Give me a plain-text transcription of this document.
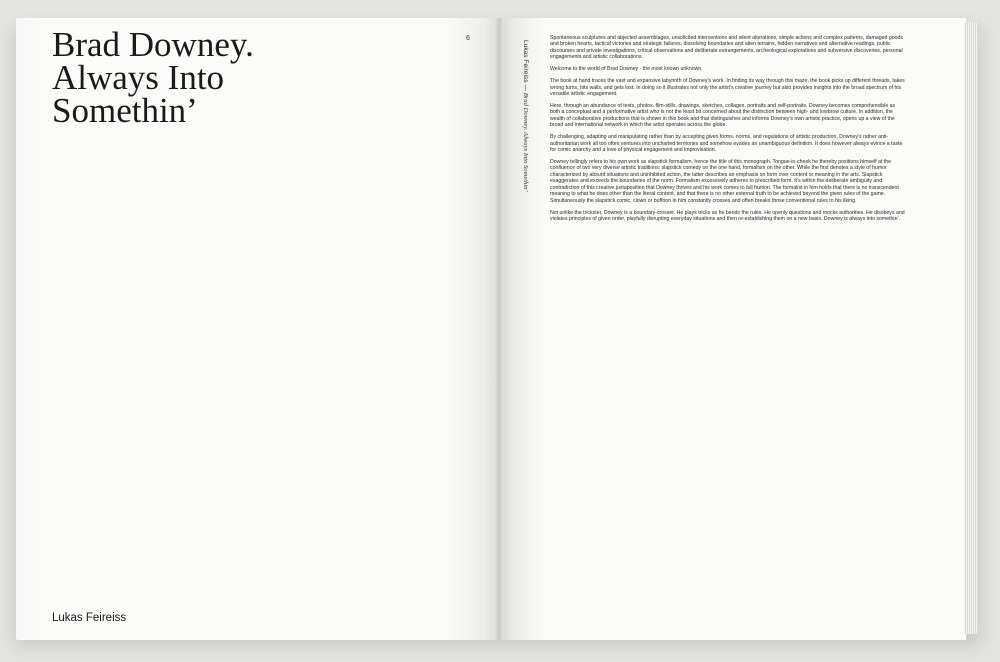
Brad Downey.
Always Into
Somethin’
6
Lukas Feireiss
Lukas Feireiss — Brad Downey. Always Into Somethin’

Spontaneous sculptures and abjected assemblages, unsolicited interventions and silent alterations, simple actions and complex patterns, damaged goods and broken hearts, tactical victories and strategic failures, dissolving boundaries and alien terrains, hidden narratives and alternative readings, public discourses and private investigations, critical observations and deliberate estrangements, archeological explorations and subversive discoveries, personal engagements and artistic collaborations.

Welcome to the world of Brad Downey - the most known unknown.

The book at hand traces the vast and expansive labyrinth of Downey’s work. In finding its way through this maze, the book picks up different threads, takes wrong turns, hits walls, and gets lost. In doing so it illustrates not only the artist’s creative journey but also provides insights into the broad spectrum of his versatile artistic engagement.

Here, through an abundance of texts, photos, film-stills, drawings, sketches, collages, portraits and self-portraits, Downey becomes comprehensible as both a conceptual and a performative artist who is not the least bit concerned about the distinction between high- and lowbrow culture. In addition, the wealth of collaborative productions that is shown in this book and that distinguishes and informs Downey’s own artistic practice, opens up a view of the broad and international network in which the artist operates across the globe.

By challenging, adapting and manipulating rather than by accepting given forms, norms, and regulations of artistic production, Downey’s rather anti-authoritarian work all too often ventures into uncharted territories and somehow evades an unambiguous definition. It does however always evince a taste for comic anarchy and a love of physical engagement and improvisation.

Downey tellingly refers to his own work as slapstick formalism, hence the title of this monograph. Tongue-in-cheek he thereby positions himself at the confluence of two very diverse artistic traditions: slapstick comedy on the one hand, formalism on the other. While the first denotes a style of humor characterized by absurd situations and uninhibited action, the latter describes an emphasis on form over content or meaning in the arts. Slapstick exaggerates and exceeds the boundaries of the norm. Formalism excessively adheres to prescribed form. It’s within the deliberate ambiguity and contradiction of this creative juxtaposition that Downey thrives and his work comes to full fruition. The formalist in him holds that there is no transcendent meaning to what he does other than the literal content, and that there is no other external truth to be achieved beyond the given rules of the game. Simultaneously the slapstick comic, clown or buffoon in him constantly crosses and often breaks those conventional rules to his liking.

Not unlike the trickster, Downey is a boundary-crosser. He plays tricks as he bends the rules. He openly questions and mocks authorities. He disobeys and violates principles of given order, playfully disrupting everyday situations and then re-establishing them on a new basis. Downey is always into somethin’.
